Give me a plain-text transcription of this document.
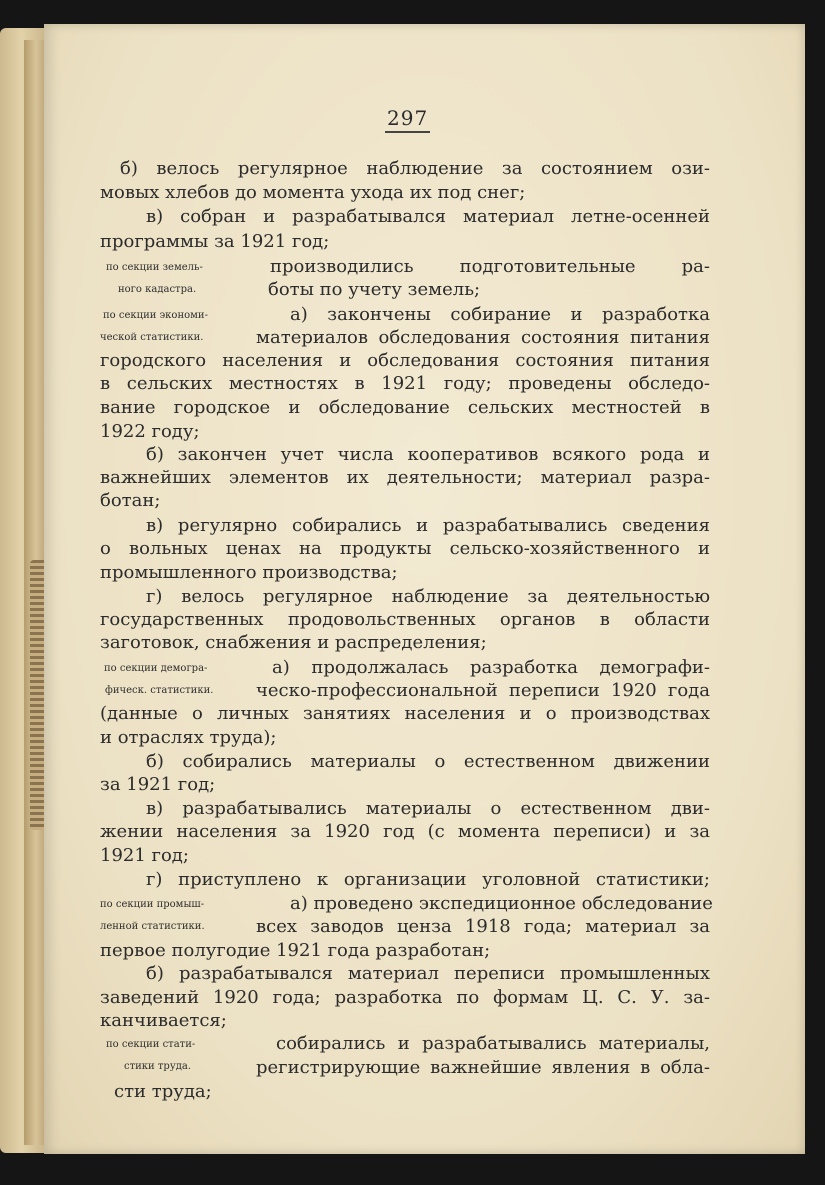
297
б) велось регулярное наблюдение за состоянием ози-
мовых хлебов до момента ухода их под снег;
в) собран и разрабатывался материал летне-осенней
программы за 1921 год;
производились подготовительные ра-
боты по учету земель;
а) закончены собирание и разработка
материалов обследования состояния питания
городского населения и обследования состояния питания
в сельских местностях в 1921 году; проведены обследо-
вание городское и обследование сельских местностей в
1922 году;
б) закончен учет числа кооперативов всякого рода и
важнейших элементов их деятельности; материал разра-
ботан;
в) регулярно собирались и разрабатывались сведения
о вольных ценах на продукты сельско-хозяйственного и
промышленного производства;
г) велось регулярное наблюдение за деятельностью
государственных продовольственных органов в области
заготовок, снабжения и распределения;
а) продолжалась разработка демографи-
ческо-профессиональной переписи 1920 года
(данные о личных занятиях населения и о производствах
и отраслях труда);
б) собирались материалы о естественном движении
за 1921 год;
в) разрабатывались материалы о естественном дви-
жении населения за 1920 год (с момента переписи) и за
1921 год;
г) приступлено к организации уголовной статистики;
а) проведено экспедиционное обследование
всех заводов ценза 1918 года; материал за
первое полугодие 1921 года разработан;
б) разрабатывался материал переписи промышленных
заведений 1920 года; разработка по формам Ц. С. У. за-
канчивается;
собирались и разрабатывались материалы,
регистрирующие важнейшие явления в обла-
сти труда;
по секции земель-
ного кадастра.
по секции экономи-
ческой статистики.
по секции демогра-
фическ. статистики.
по секции промыш-
ленной статистики.
по секции стати-
стики труда.
